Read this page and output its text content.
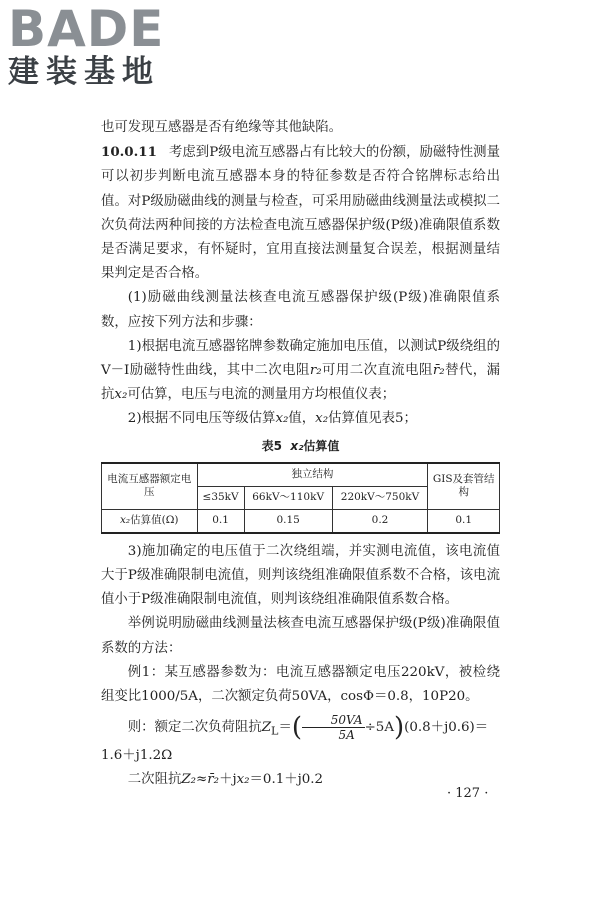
BADE
建装基地

也可发现互感器是否有绝缘等其他缺陷。

10.0.11 考虑到P级电流互感器占有比较大的份额，励磁特性测量可以初步判断电流互感器本身的特征参数是否符合铭牌标志给出值。对P级励磁曲线的测量与检查，可采用励磁曲线测量法或模拟二次负荷法两种间接的方法检查电流互感器保护级(P级)准确限值系数是否满足要求，有怀疑时，宜用直接法测量复合误差，根据测量结果判定是否合格。

(1)励磁曲线测量法核查电流互感器保护级(P级)准确限值系数，应按下列方法和步骤：

1)根据电流互感器铭牌参数确定施加电压值，以测试P级绕组的V－I励磁特性曲线，其中二次电阻r₂可用二次直流电阻r̄₂替代，漏抗x₂可估算，电压与电流的测量用方均根值仪表；

2)根据不同电压等级估算x₂值，x₂估算值见表5；

表5 x₂估算值
电流互感器额定电压	独立结构			GIS及套管结构
	≤35kV	66kV～110kV	220kV～750kV	
x₂估算值(Ω)	0.1	0.15	0.2	0.1

3)施加确定的电压值于二次绕组端，并实测电流值，该电流值大于P级准确限制电流值，则判该绕组准确限值系数不合格，该电流值小于P级准确限制电流值，则判该绕组准确限值系数合格。

举例说明励磁曲线测量法核查电流互感器保护级(P级)准确限值系数的方法：

例1：某互感器参数为：电流互感器额定电压220kV，被检绕组变比1000/5A，二次额定负荷50VA，cosΦ＝0.8，10P20。

则：额定二次负荷阻抗$Z_L=( \frac{50VA}{5A} \div 5A)(0.8+j0.6)=$

1.6＋j1.2Ω

二次阻抗Z₂≈r̄₂＋jx₂＝0.1＋j0.2

· 127 ·
